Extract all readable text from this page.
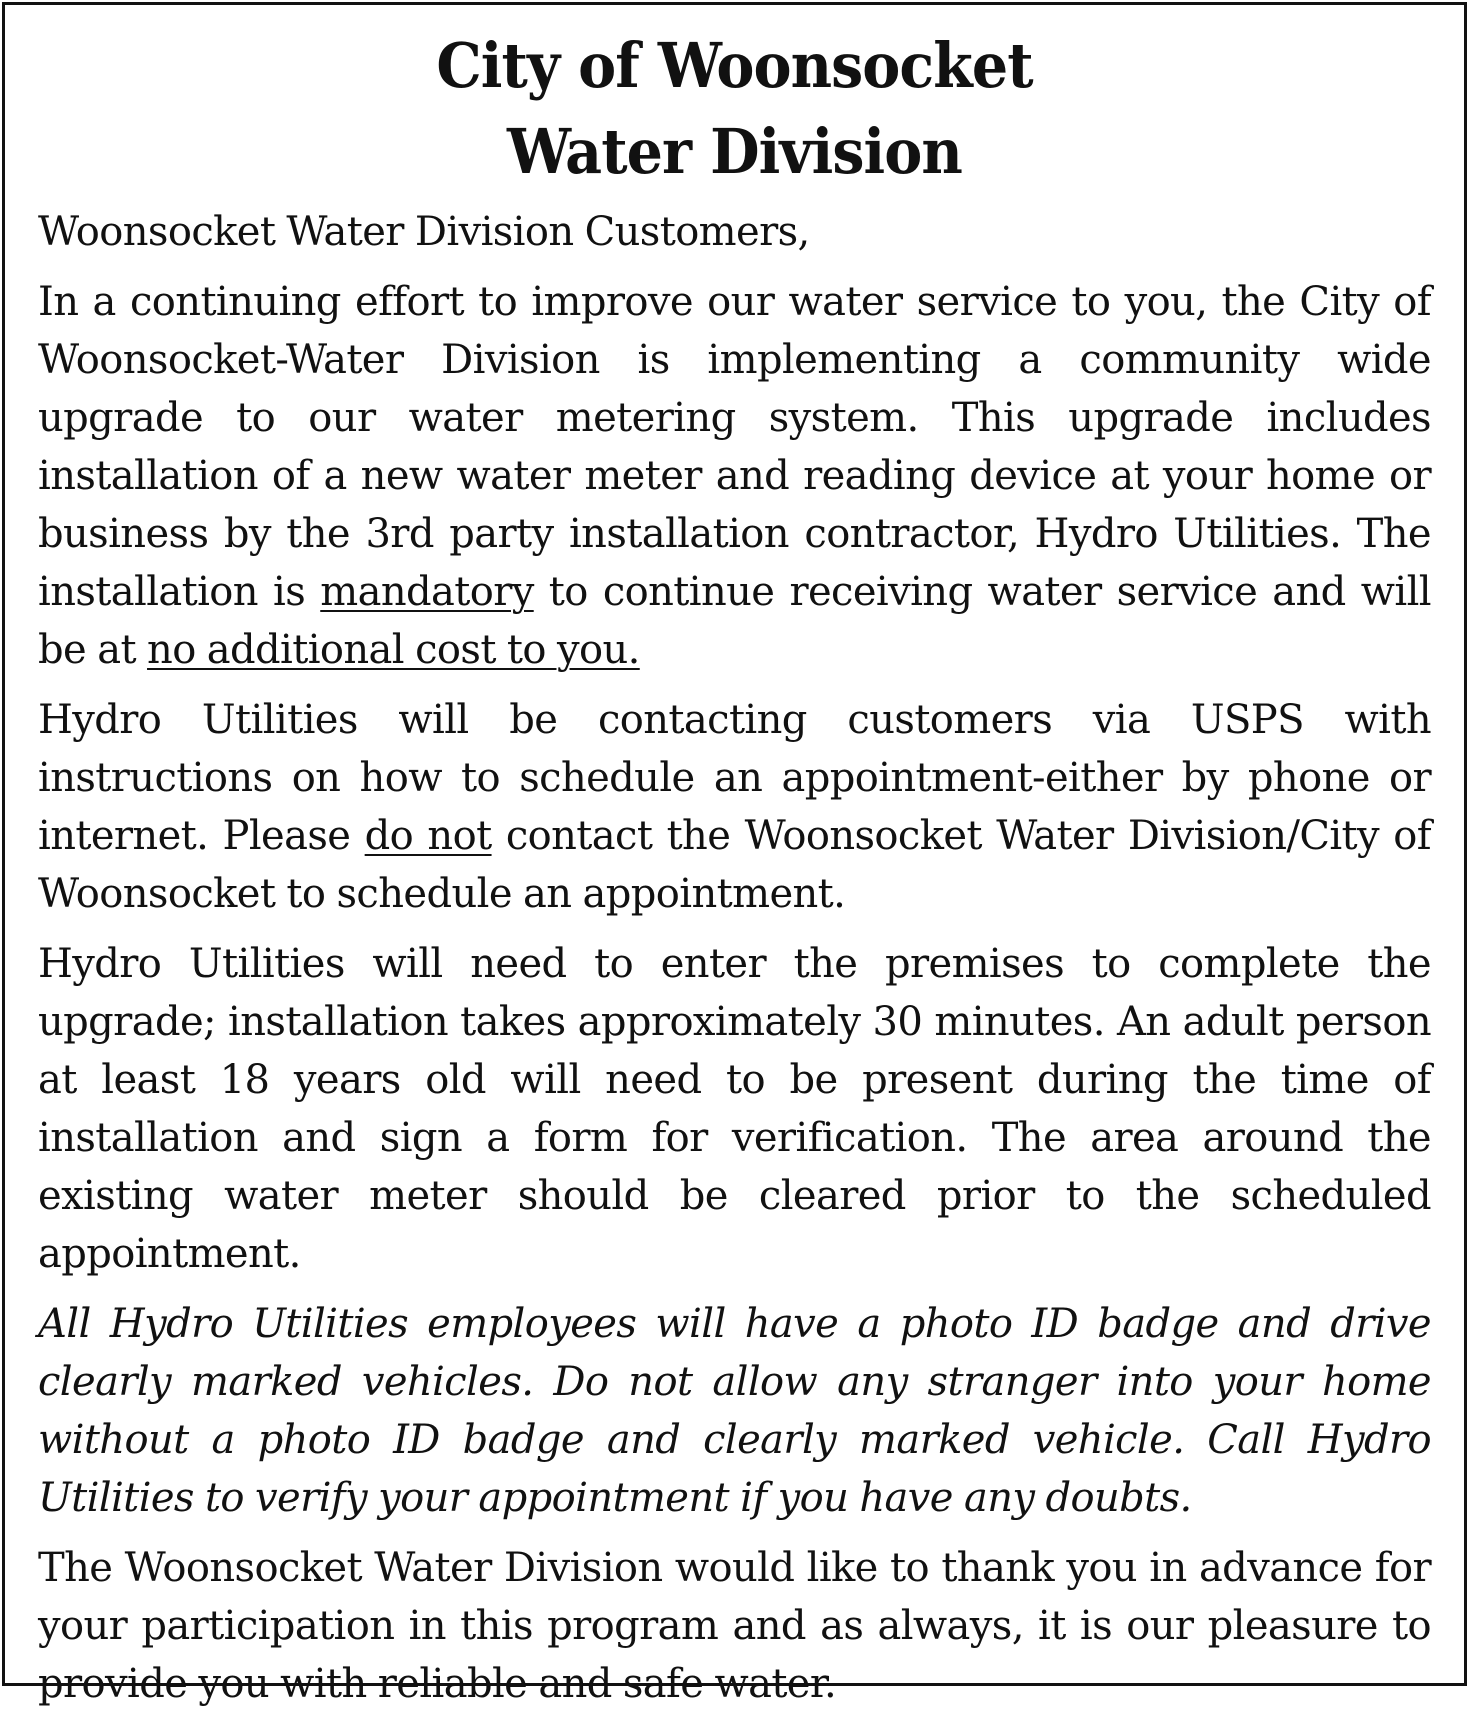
City of Woonsocket
Water Division

Woonsocket Water Division Customers,

In a continuing effort to improve our water service to you, the City of Woonsocket-Water Division is implementing a community wide upgrade to our water metering system. This upgrade includes installation of a new water meter and reading device at your home or business by the 3rd party installation contractor, Hydro Utilities. The installation is mandatory to continue receiving water service and will be at no additional cost to you.

Hydro Utilities will be contacting customers via USPS with instructions on how to schedule an appointment-either by phone or internet. Please do not contact the Woonsocket Water Division/City of Woonsocket to schedule an appointment.

Hydro Utilities will need to enter the premises to complete the upgrade; installation takes approximately 30 minutes. An adult person at least 18 years old will need to be present during the time of installation and sign a form for verification. The area around the existing water meter should be cleared prior to the scheduled appointment.

All Hydro Utilities employees will have a photo ID badge and drive clearly marked vehicles. Do not allow any stranger into your home without a photo ID badge and clearly marked vehicle. Call Hydro Utilities to verify your appointment if you have any doubts.

The Woonsocket Water Division would like to thank you in advance for your participation in this program and as always, it is our pleasure to provide you with reliable and safe water.
